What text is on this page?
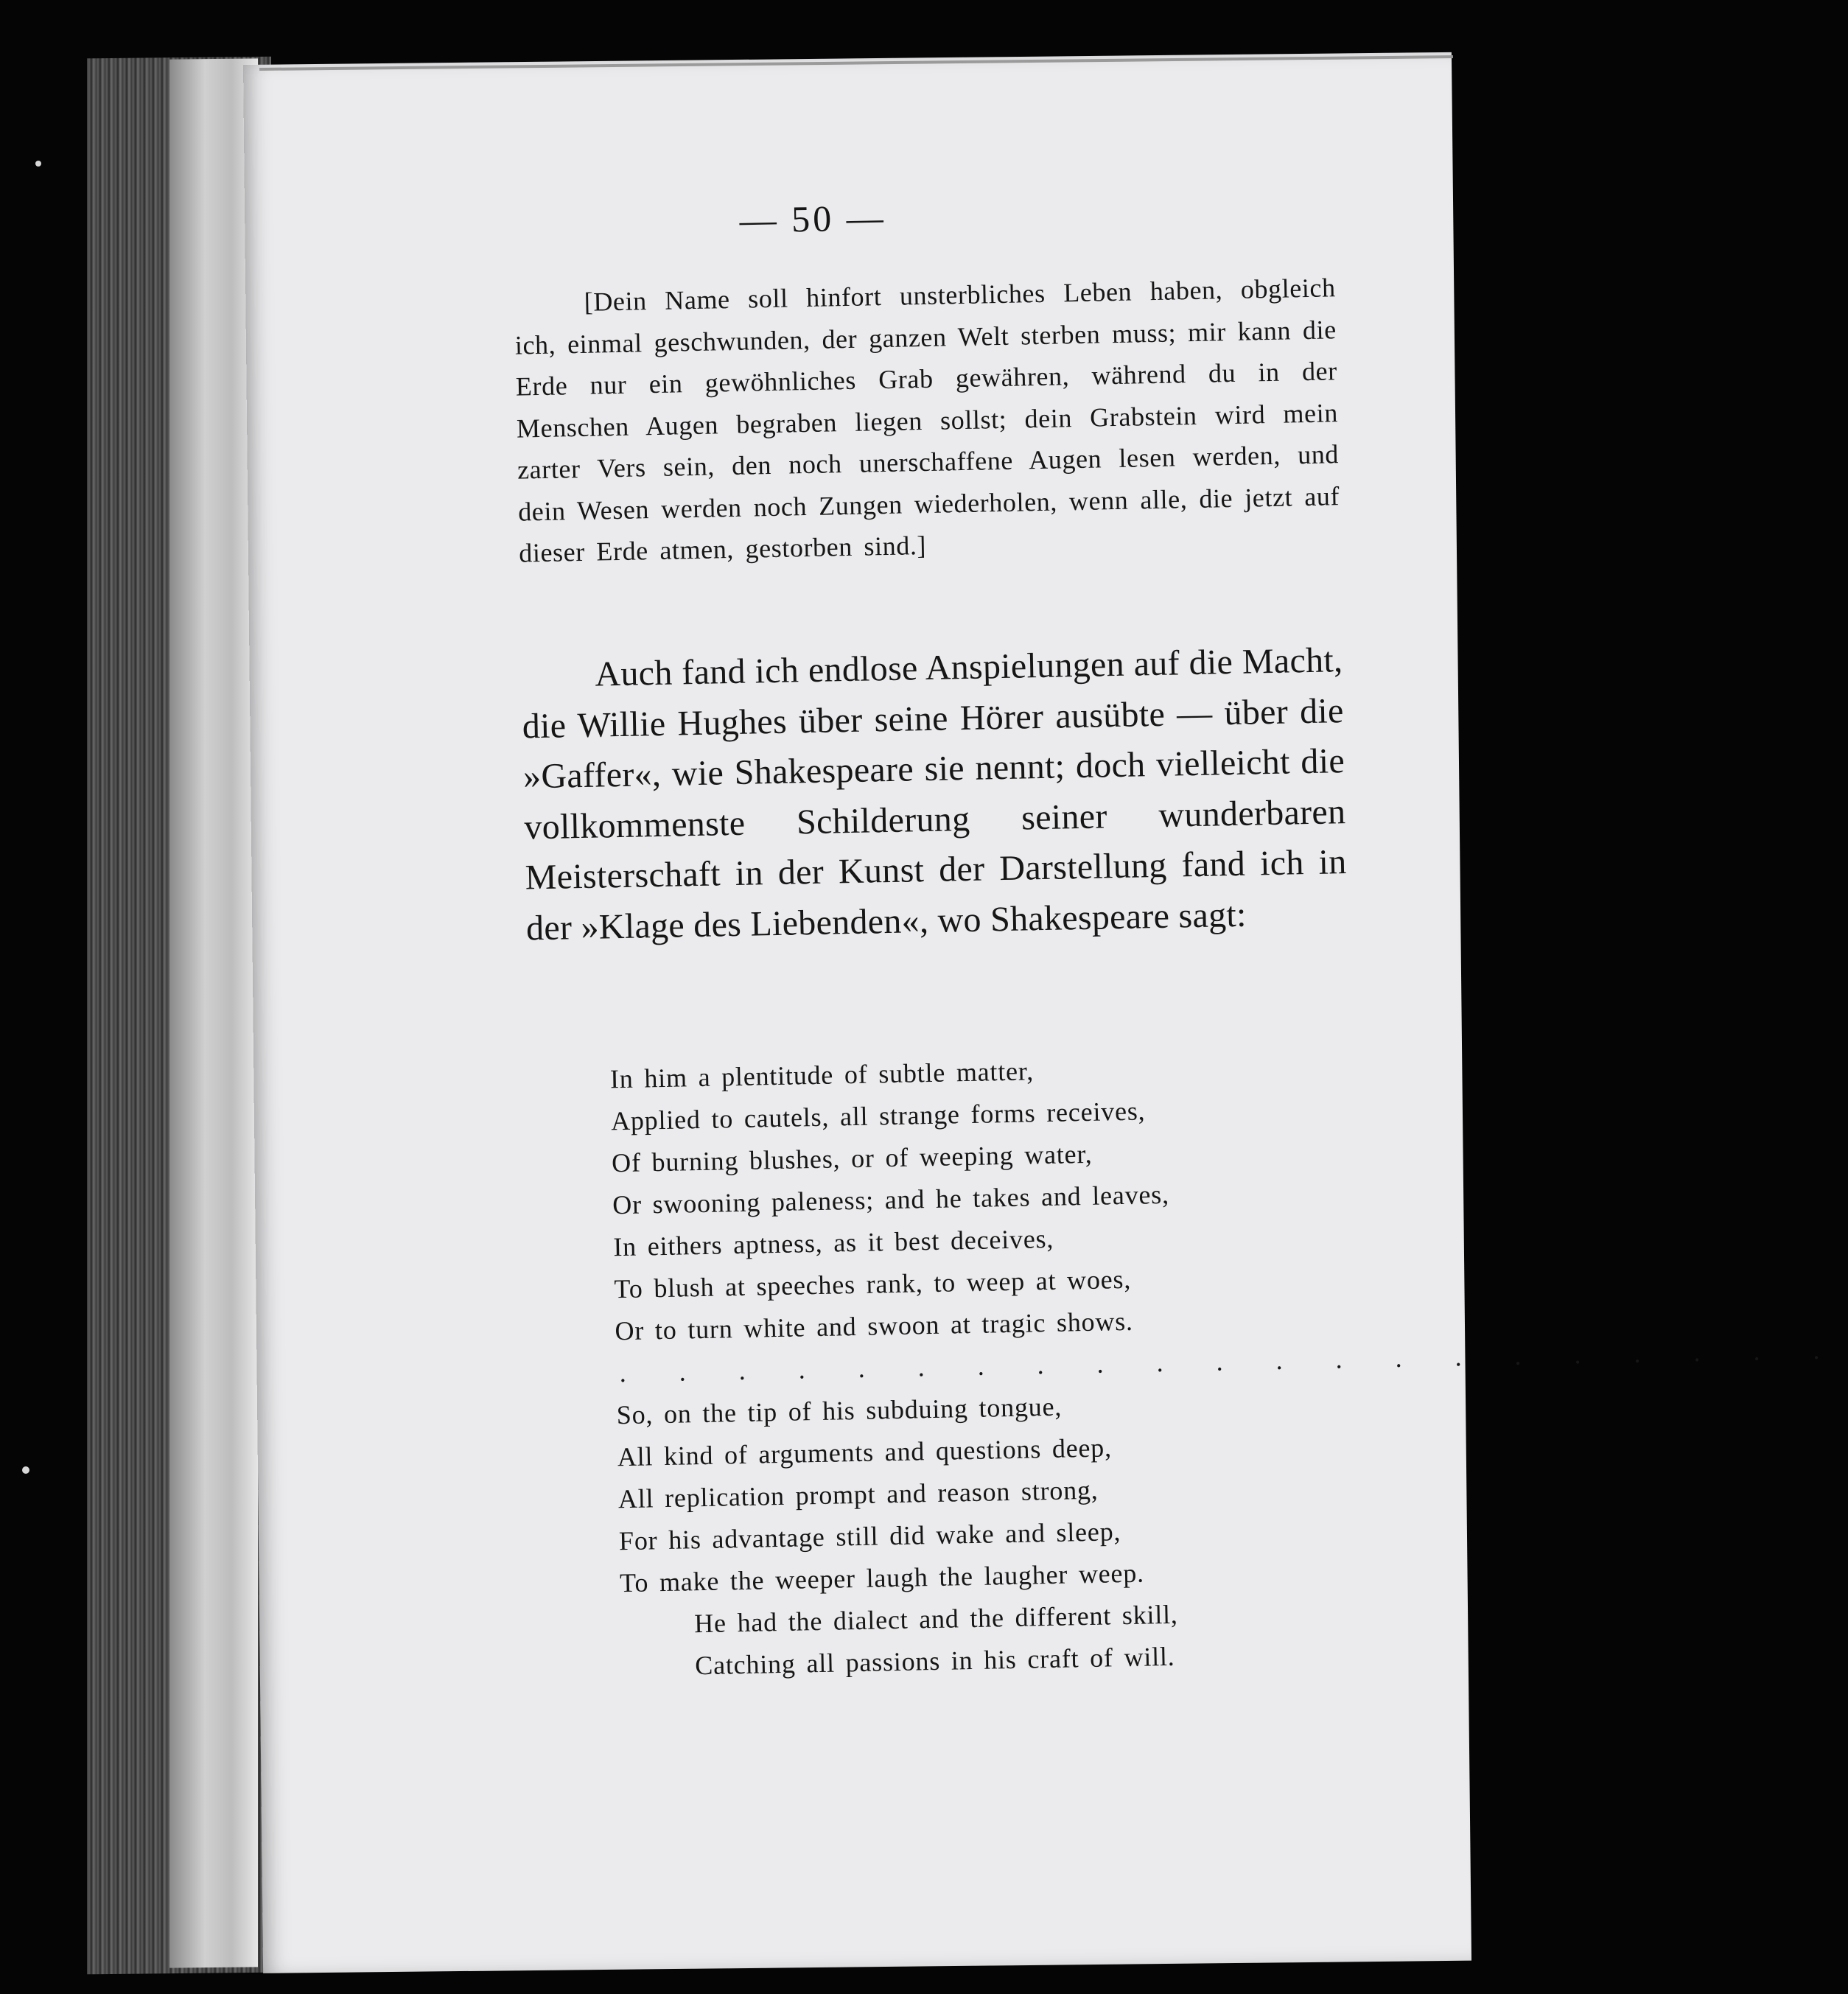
— 50 —

[Dein Name soll hinfort unsterbliches Leben haben, obgleich ich, einmal geschwunden, der ganzen Welt sterben muss; mir kann die Erde nur ein gewöhnliches Grab gewähren, während du in der Menschen Augen begraben liegen sollst; dein Grabstein wird mein zarter Vers sein, den noch unerschaffene Augen lesen werden, und dein Wesen werden noch Zungen wiederholen, wenn alle, die jetzt auf dieser Erde atmen, gestorben sind.]

Auch fand ich endlose Anspielungen auf die Macht, die Willie Hughes über seine Hörer ausübte — über die »Gaffer«, wie Shakespeare sie nennt; doch vielleicht die vollkommenste Schilderung seiner wunderbaren Meisterschaft in der Kunst der Darstellung fand ich in der »Klage des Liebenden«, wo Shakespeare sagt:

In him a plentitude of subtle matter,
Applied to cautels, all strange forms receives,
Of burning blushes, or of weeping water,
Or swooning paleness; and he takes and leaves,
In eithers aptness, as it best deceives,
To blush at speeches rank, to weep at woes,
Or to turn white and swoon at tragic shows.
. . . . . . . . . . . . . . . . . . . . .
So, on the tip of his subduing tongue,
All kind of arguments and questions deep,
All replication prompt and reason strong,
For his advantage still did wake and sleep,
To make the weeper laugh the laugher weep.
He had the dialect and the different skill,
Catching all passions in his craft of will.
